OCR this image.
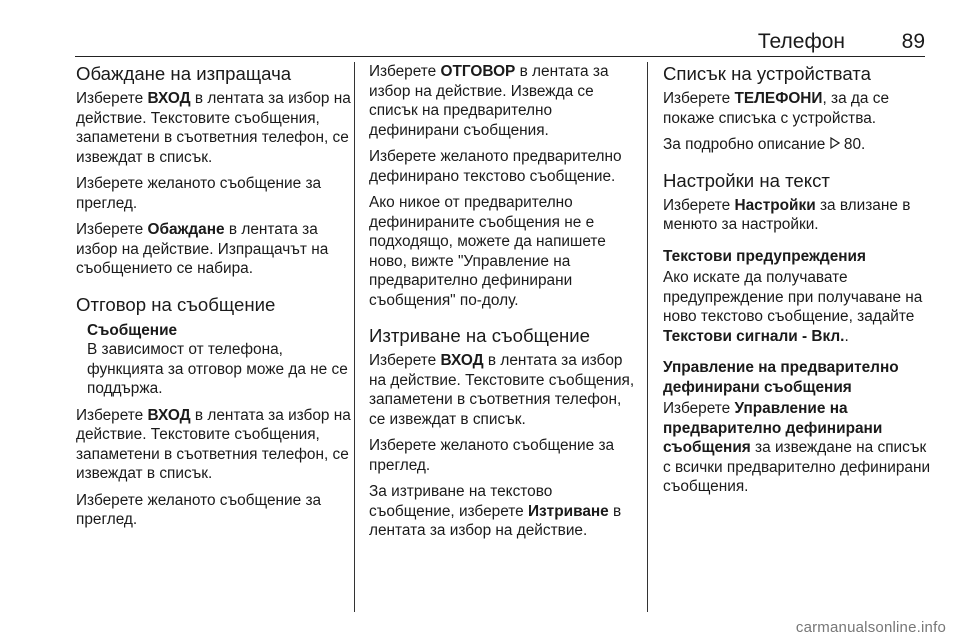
Телефон	89
Обаждане на изпращача

Изберете ВХОД в лентата за избор на действие. Текстовите съобщения, запаметени в съответния телефон, се извеждат в списък.

Изберете желаното съобщение за преглед.

Изберете Обаждане в лентата за избор на действие. Изпращачът на съобщението се набира.

Отговор на съобщение
Съобщение

В зависимост от телефона, функцията за отговор може да не се поддържа.

Изберете ВХОД в лентата за избор на действие. Текстовите съобщения, запаметени в съответния телефон, се извеждат в списък.

Изберете желаното съобщение за преглед.

Изберете ОТГОВОР в лентата за избор на действие. Извежда се списък на предварително дефинирани съобщения.

Изберете желаното предварително дефинирано текстово съобщение.

Ако никое от предварително дефинираните съобщения не е подходящо, можете да напишете ново, вижте "Управление на предварително дефинирани съобщения" по-долу.

Изтриване на съобщение

Изберете ВХОД в лентата за избор на действие. Текстовите съобщения, запаметени в съответния телефон, се извеждат в списък.

Изберете желаното съобщение за преглед.

За изтриване на текстово съобщение, изберете Изтриване в лентата за избор на действие.

Списък на устройствата

Изберете ТЕЛЕФОНИ, за да се покаже списъка с устройства.

За подробно описание  80.

Настройки на текст

Изберете Настройки за влизане в менюто за настройки.

Текстови предупреждения

Ако искате да получавате предупреждение при получаване на ново текстово съобщение, задайте Текстови сигнали - Вкл..

Управление на предварително дефинирани съобщения

Изберете Управление на предварително дефинирани съобщения за извеждане на списък с всички предварително дефинирани съобщения.

carmanualsonline.info
